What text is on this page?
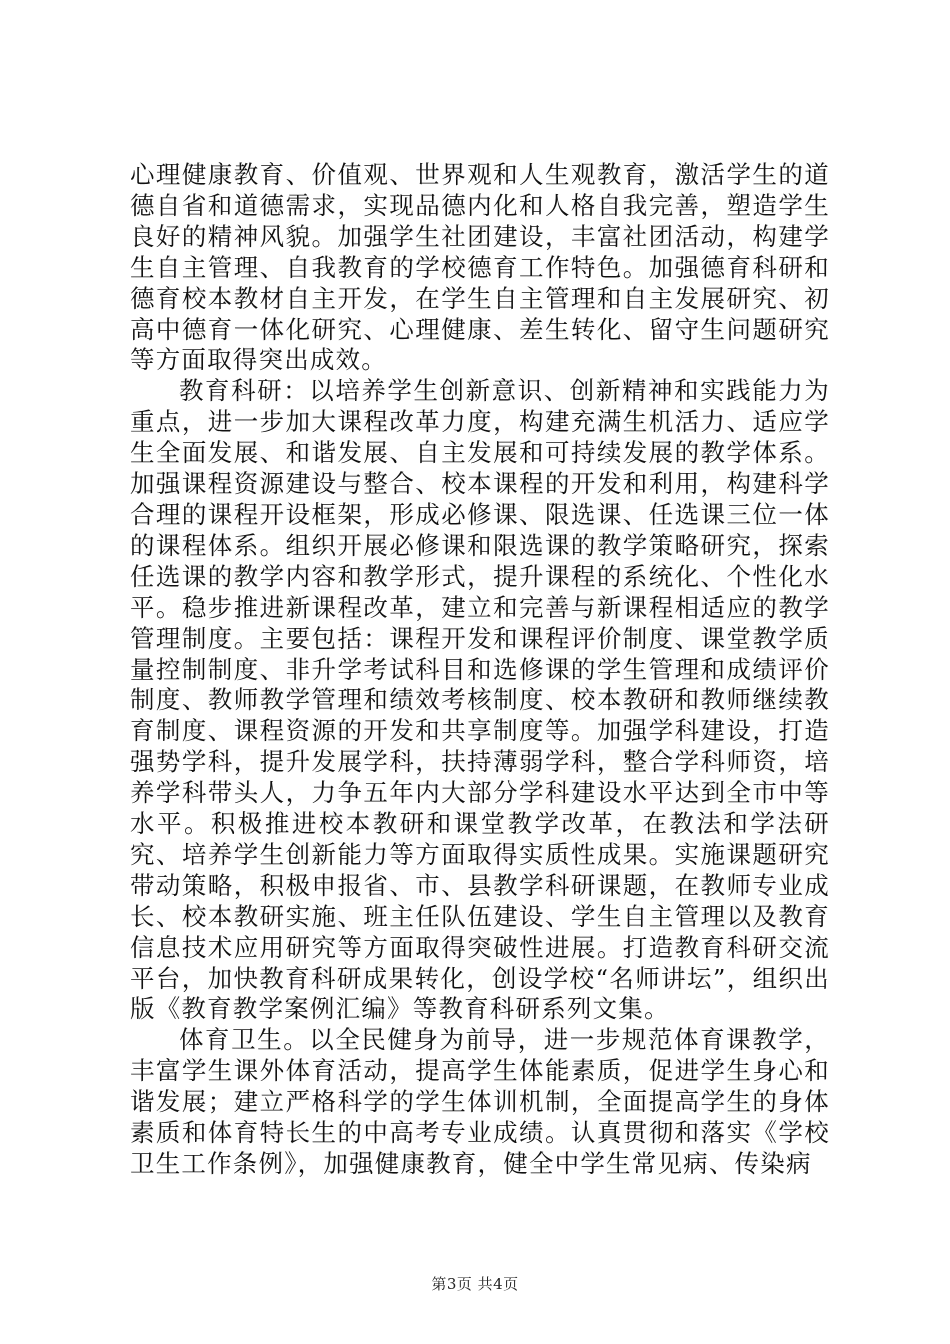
心理健康教育、价值观、世界观和人生观教育，激活学生的道德自省和道德需求，实现品德内化和人格自我完善，塑造学生良好的精神风貌。加强学生社团建设，丰富社团活动，构建学生自主管理、自我教育的学校德育工作特色。加强德育科研和德育校本教材自主开发，在学生自主管理和自主发展研究、初高中德育一体化研究、心理健康、差生转化、留守生问题研究等方面取得突出成效。

教育科研：以培养学生创新意识、创新精神和实践能力为重点，进一步加大课程改革力度，构建充满生机活力、适应学生全面发展、和谐发展、自主发展和可持续发展的教学体系。加强课程资源建设与整合、校本课程的开发和利用，构建科学合理的课程开设框架，形成必修课、限选课、任选课三位一体的课程体系。组织开展必修课和限选课的教学策略研究，探索任选课的教学内容和教学形式，提升课程的系统化、个性化水平。稳步推进新课程改革，建立和完善与新课程相适应的教学管理制度。主要包括：课程开发和课程评价制度、课堂教学质量控制制度、非升学考试科目和选修课的学生管理和成绩评价制度、教师教学管理和绩效考核制度、校本教研和教师继续教育制度、课程资源的开发和共享制度等。加强学科建设，打造强势学科，提升发展学科，扶持薄弱学科，整合学科师资，培养学科带头人，力争五年内大部分学科建设水平达到全市中等水平。积极推进校本教研和课堂教学改革，在教法和学法研究、培养学生创新能力等方面取得实质性成果。实施课题研究带动策略，积极申报省、市、县教学科研课题，在教师专业成长、校本教研实施、班主任队伍建设、学生自主管理以及教育信息技术应用研究等方面取得突破性进展。打造教育科研交流平台，加快教育科研成果转化，创设学校“名师讲坛”，组织出版《教育教学案例汇编》等教育科研系列文集。

体育卫生。以全民健身为前导，进一步规范体育课教学，丰富学生课外体育活动，提高学生体能素质，促进学生身心和谐发展；建立严格科学的学生体训机制，全面提高学生的身体素质和体育特长生的中高考专业成绩。认真贯彻和落实《学校卫生工作条例》，加强健康教育，健全中学生常见病、传染病

第3页 共4页
